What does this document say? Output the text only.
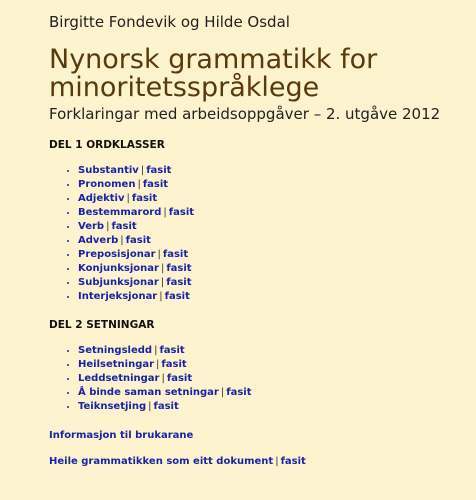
Birgitte Fondevik og Hilde Osdal

Nynorsk grammatikk for minoritetsspråklege

Forklaringar med arbeidsoppgåver – 2. utgåve 2012

DEL 1 ORDKLASSER

• Substantiv | fasit
• Pronomen | fasit
• Adjektiv | fasit
• Bestemmarord | fasit
• Verb | fasit
• Adverb | fasit
• Preposisjonar | fasit
• Konjunksjonar | fasit
• Subjunksjonar | fasit
• Interjeksjonar | fasit

DEL 2 SETNINGAR

• Setningsledd | fasit
• Heilsetningar | fasit
• Leddsetningar | fasit
• Å binde saman setningar | fasit
• Teiknsetjing | fasit

Informasjon til brukarane

Heile grammatikken som eitt dokument | fasit
